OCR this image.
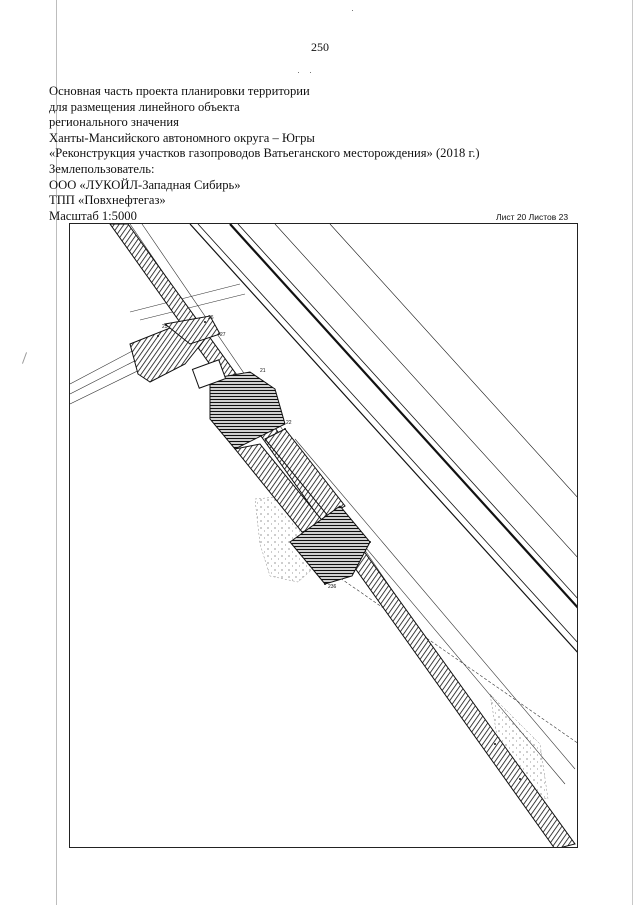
250
Основная часть проекта планировки территории
для размещения линейного объекта
регионального значения
Ханты-Мансийского автономного округа – Югры
«Реконструкция участков газопроводов Ватьеганского месторождения» (2018 г.)
Землепользователь:
ООО «ЛУКОЙЛ-Западная Сибирь»
ТПП «Повхнефтегаз»
Масштаб 1:5000	Лист 20 Листов 23
236
25
26
27
21
22
